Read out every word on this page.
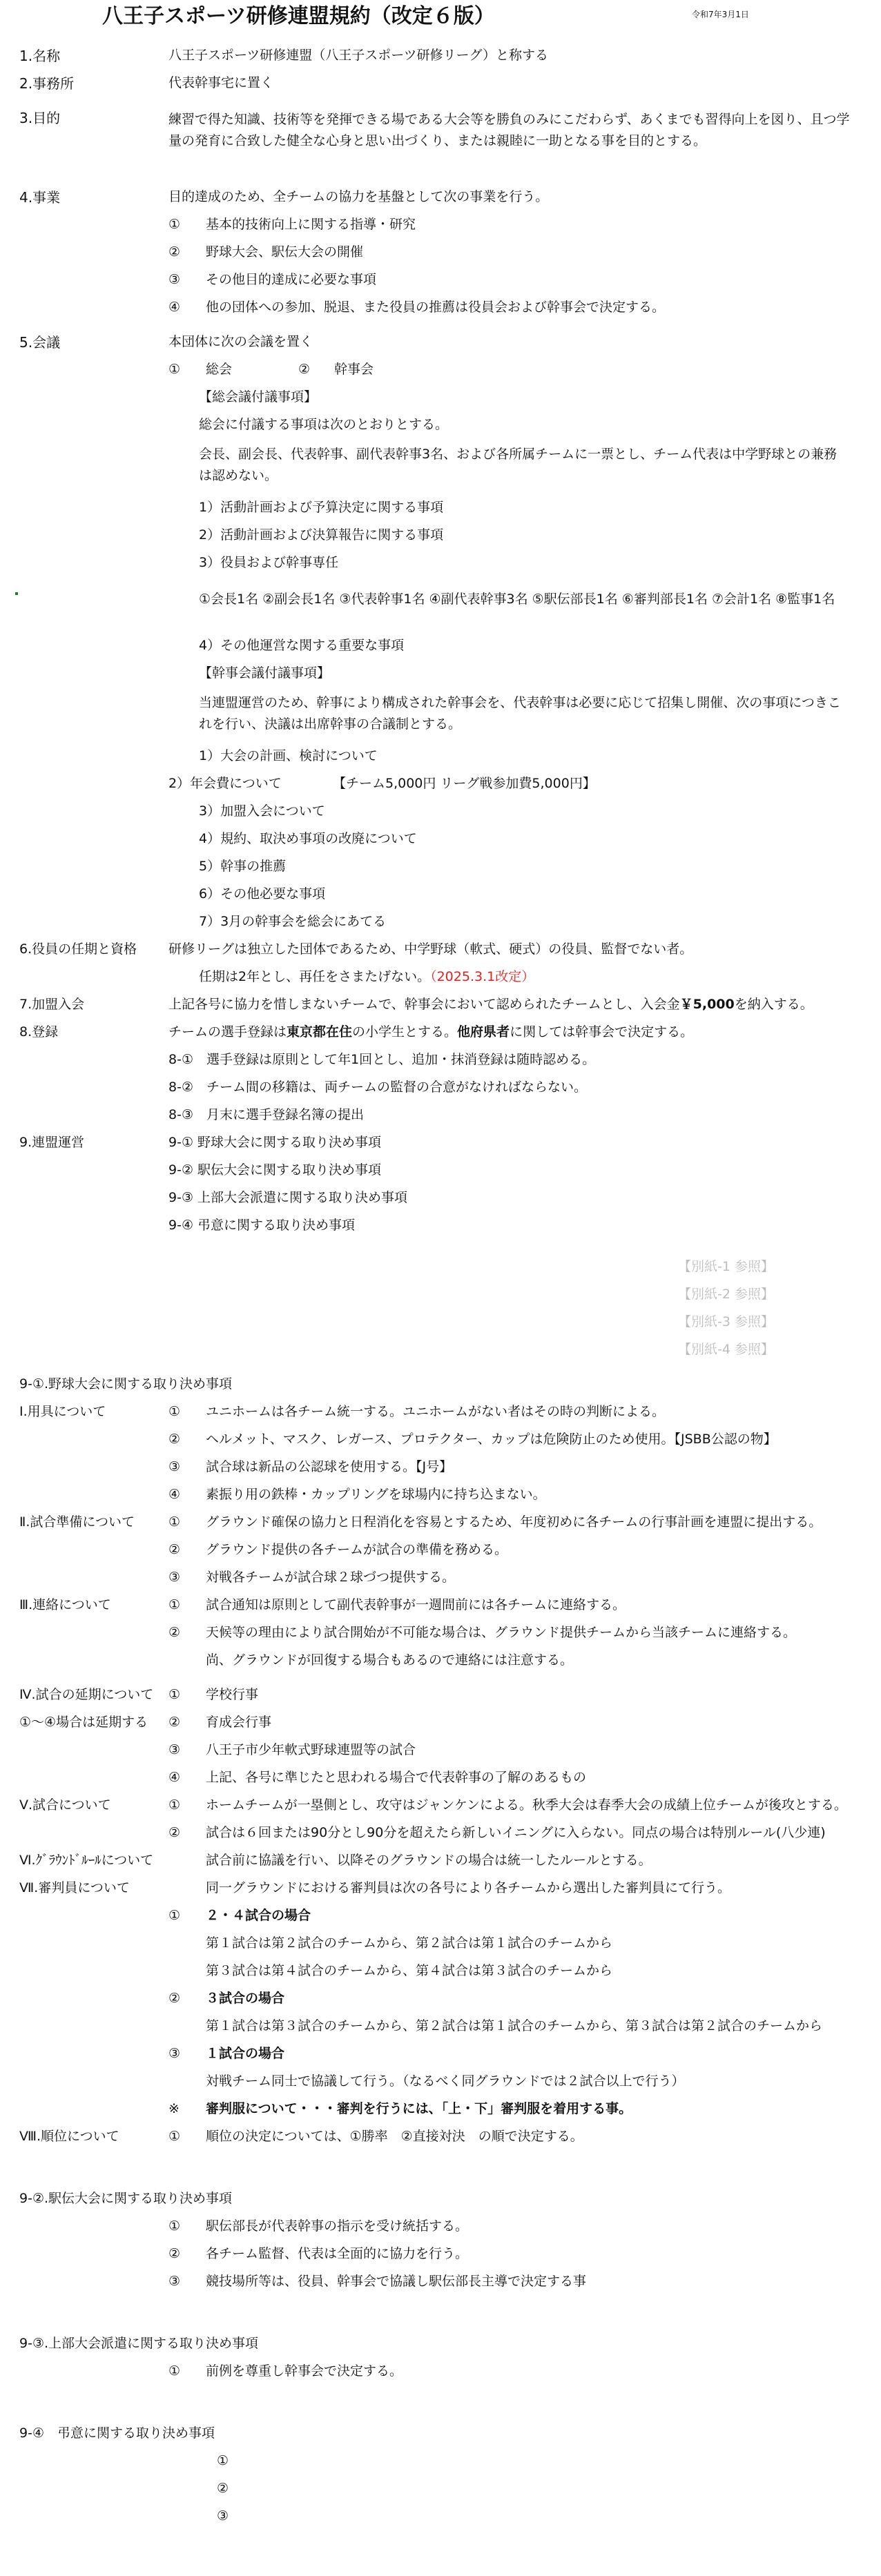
八王子スポーツ研修連盟規約（改定６版）	令和7年3月1日
1.名称	八王子スポーツ研修連盟（八王子スポーツ研修リーグ）と称する
2.事務所	代表幹事宅に置く
3.目的	練習で得た知識、技術等を発揮できる場である大会等を勝負のみにこだわらず、あくまでも習得向上を図り、且つ学量の発育に合致した健全な心身と思い出づくり、または親睦に一助となる事を目的とする。
4.事業	目的達成のため、全チームの協力を基盤として次の事業を行う。
① 基本的技術向上に関する指導・研究
② 野球大会、駅伝大会の開催
③ その他目的達成に必要な事項
④ 他の団体への参加、脱退、また役員の推薦は役員会および幹事会で決定する。
5.会議	本団体に次の会議を置く
① 総会	② 幹事会
【総会議付議事項】
総会に付議する事項は次のとおりとする。
会長、副会長、代表幹事、副代表幹事3名、および各所属チームに一票とし、チーム代表は中学野球との兼務は認めない。
1）活動計画および予算決定に関する事項
2）活動計画および決算報告に関する事項
3）役員および幹事専任
①会長1名 ②副会長1名 ③代表幹事1名 ④副代表幹事3名 ⑤駅伝部長1名 ⑥審判部長1名 ⑦会計1名 ⑧監事1名
4）その他運営な関する重要な事項
【幹事会議付議事項】
当連盟運営のため、幹事により構成された幹事会を、代表幹事は必要に応じて招集し開催、次の事項につきこれを行い、決議は出席幹事の合議制とする。
1）大会の計画、検討について
2）年会費について	【チーム5,000円 リーグ戦参加費5,000円】
3）加盟入会について
4）規約、取決め事項の改廃について
5）幹事の推薦
6）その他必要な事項
7）3月の幹事会を総会にあてる
6.役員の任期と資格 研修リーグは独立した団体であるため、中学野球（軟式、硬式）の役員、監督でない者。
任期は2年とし、再任をさまたげない。（2025.3.1改定）
7.加盟入会	上記各号に協力を惜しまないチームで、幹事会において認められたチームとし、入会金￥5,000を納入する。
8.登録	チームの選手登録は東京都在住の小学生とする。他府県者に関しては幹事会で決定する。
8-①　選手登録は原則として年1回とし、追加・抹消登録は随時認める。
8-②　チーム間の移籍は、両チームの監督の合意がなければならない。
8-③　月末に選手登録名簿の提出
9.連盟運営	9-① 野球大会に関する取り決め事項
9-② 駅伝大会に関する取り決め事項
9-③ 上部大会派遣に関する取り決め事項
9-④ 弔意に関する取り決め事項
【別紙-1 参照】
【別紙-2 参照】
【別紙-3 参照】
【別紙-4 参照】
9-①.野球大会に関する取り決め事項
Ⅰ.用具について	① ユニホームは各チーム統一する。ユニホームがない者はその時の判断による。
② ヘルメット、マスク、レガース、プロテクター、カップは危険防止のため使用。【JSBB公認の物】
③ 試合球は新品の公認球を使用する。【J号】
④ 素振り用の鉄棒・カップリングを球場内に持ち込まない。
Ⅱ.試合準備について	① グラウンド確保の協力と日程消化を容易とするため、年度初めに各チームの行事計画を連盟に提出する。
② グラウンド提供の各チームが試合の準備を務める。
③ 対戦各チームが試合球２球づつ提供する。
Ⅲ.連絡について	① 試合通知は原則として副代表幹事が一週間前には各チームに連絡する。
② 天候等の理由により試合開始が不可能な場合は、グラウンド提供チームから当該チームに連絡する。
尚、グラウンドが回復する場合もあるので連絡には注意する。
Ⅳ.試合の延期について
①～④場合は延期する
① 学校行事
② 育成会行事
③ 八王子市少年軟式野球連盟等の試合
④ 上記、各号に準じたと思われる場合で代表幹事の了解のあるもの
Ⅴ.試合について	① ホームチームが一塁側とし、攻守はジャンケンによる。秋季大会は春季大会の成績上位チームが後攻とする。
② 試合は６回または90分とし90分を超えたら新しいイニングに入らない。同点の場合は特別ルール(八少連)
Ⅵ.ｸﾞﾗｳﾝﾄﾞﾙｰﾙについて	試合前に協議を行い、以降そのグラウンドの場合は統一したルールとする。
Ⅶ.審判員について	同一グラウンドにおける審判員は次の各号により各チームから選出した審判員にて行う。
① ２・４試合の場合
第１試合は第２試合のチームから、第２試合は第１試合のチームから
第３試合は第４試合のチームから、第４試合は第３試合のチームから
② ３試合の場合
第１試合は第３試合のチームから、第２試合は第１試合のチームから、第３試合は第２試合のチームから
③ １試合の場合
対戦チーム同士で協議して行う。（なるべく同グラウンドでは２試合以上で行う）
※ 審判服について・・・審判を行うには、「上・下」審判服を着用する事。
Ⅷ.順位について	① 順位の決定については、①勝率　②直接対決　の順で決定する。
9-②.駅伝大会に関する取り決め事項
① 駅伝部長が代表幹事の指示を受け統括する。
② 各チーム監督、代表は全面的に協力を行う。
③ 競技場所等は、役員、幹事会で協議し駅伝部長主導で決定する事
9-③.上部大会派遣に関する取り決め事項
① 前例を尊重し幹事会で決定する。
9-④　弔意に関する取り決め事項
①
②
③
